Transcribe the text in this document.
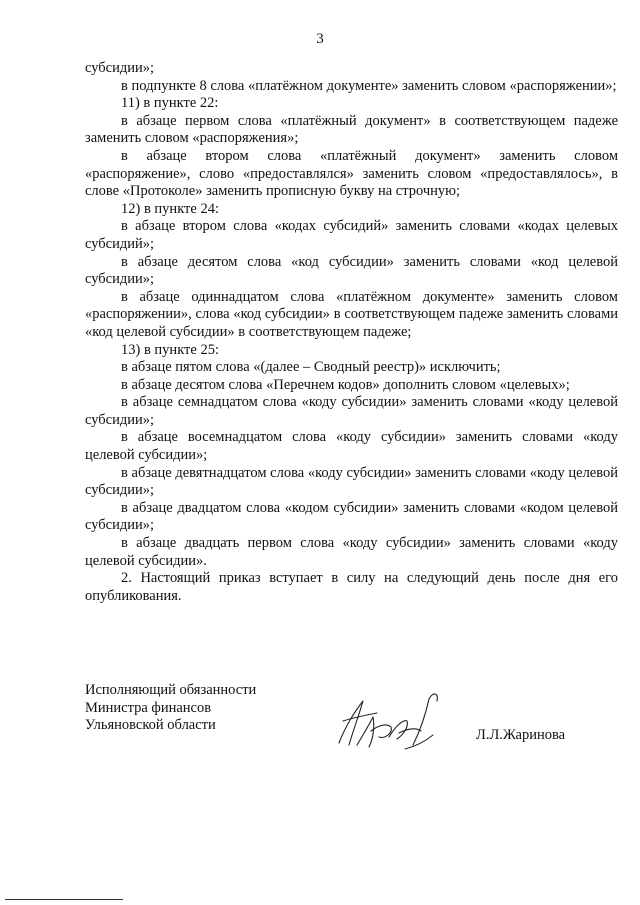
3

субсидии»;

в подпункте 8 слова «платёжном документе» заменить словом «распоряжении»;

11) в пункте 22:

в абзаце первом слова «платёжный документ» в соответствующем падеже заменить словом «распоряжения»;

в абзаце втором слова «платёжный документ» заменить словом «распоряжение», слово «предоставлялся» заменить словом «предоставлялось», в слове «Протоколе» заменить прописную букву на строчную;

12) в пункте 24:

в абзаце втором слова «кодах субсидий» заменить словами «кодах целевых субсидий»;

в абзаце десятом слова «код субсидии» заменить словами «код целевой субсидии»;

в абзаце одиннадцатом слова «платёжном документе» заменить словом «распоряжении», слова «код субсидии» в соответствующем падеже заменить словами «код целевой субсидии» в соответствующем падеже;

13) в пункте 25:

в абзаце пятом слова «(далее – Сводный реестр)» исключить;

в абзаце десятом слова «Перечнем кодов» дополнить словом «целевых»;

в абзаце семнадцатом слова «коду субсидии» заменить словами «коду целевой субсидии»;

в абзаце восемнадцатом слова «коду субсидии» заменить словами «коду целевой субсидии»;

в абзаце девятнадцатом слова «коду субсидии» заменить словами «коду целевой субсидии»;

в абзаце двадцатом слова «кодом субсидии» заменить словами «кодом целевой субсидии»;

в абзаце двадцать первом слова «коду субсидии» заменить словами «коду целевой субсидии».

2. Настоящий приказ вступает в силу на следующий день после дня его опубликования.

Исполняющий обязанности
Министра финансов
Ульяновской области
Л.Л.Жаринова
